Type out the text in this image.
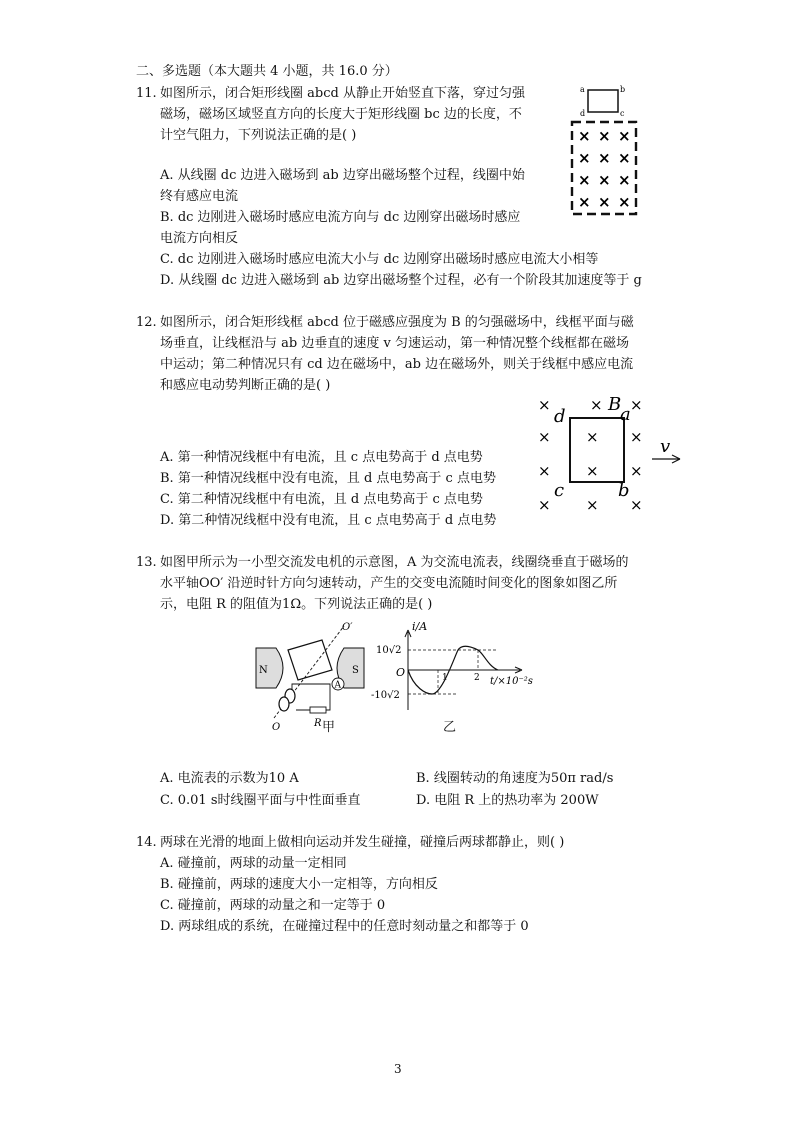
二、多选题（本大题共 4 小题，共 16.0 分）
11. 如图所示，闭合矩形线圈 abcd 从静止开始竖直下落，穿过匀强
磁场，磁场区域竖直方向的长度大于矩形线圈 bc 边的长度，不
计空气阻力，下列说法正确的是( )
A. 从线圈 dc 边进入磁场到 ab 边穿出磁场整个过程，线圈中始
终有感应电流
B. dc 边刚进入磁场时感应电流方向与 dc 边刚穿出磁场时感应
电流方向相反
C. dc 边刚进入磁场时感应电流大小与 dc 边刚穿出磁场时感应电流大小相等
D. 从线圈 dc 边进入磁场到 ab 边穿出磁场整个过程，必有一个阶段其加速度等于 g
a	b
d	c
× × ×
× × ×
× × ×
× × ×
12. 如图所示，闭合矩形线框 abcd 位于磁感应强度为 B 的匀强磁场中，线框平面与磁
场垂直，让线框沿与 ab 边垂直的速度 v 匀速运动，第一种情况整个线框都在磁场
中运动；第二种情况只有 cd 边在磁场中，ab 边在磁场外，则关于线框中感应电流
和感应电动势判断正确的是( )
A. 第一种情况线框中有电流，且 c 点电势高于 d 点电势
B. 第一种情况线框中没有电流，且 d 点电势高于 c 点电势
C. 第二种情况线框中有电流，且 d 点电势高于 c 点电势
D. 第二种情况线框中没有电流，且 c 点电势高于 d 点电势
×	× ×
× × ×
× × ×
× × ×
d
B
a
c	b
v
13. 如图甲所示为一小型交流发电机的示意图，A 为交流电流表，线圈绕垂直于磁场的
水平轴OO′ 沿逆时针方向匀速转动，产生的交变电流随时间变化的图象如图乙所
示，电阻 R 的阻值为1Ω。下列说法正确的是( )
N	S
O′
O
A
R 甲
i/A
10√2
O
-10√2
1	2 t/×10⁻²s
乙
A. 电流表的示数为10 A	B. 线圈转动的角速度为50π rad/s
C. 0.01 s时线圈平面与中性面垂直	D. 电阻 R 上的热功率为 200W
14. 两球在光滑的地面上做相向运动并发生碰撞，碰撞后两球都静止，则( )
A. 碰撞前，两球的动量一定相同
B. 碰撞前，两球的速度大小一定相等，方向相反
C. 碰撞前，两球的动量之和一定等于 0
D. 两球组成的系统，在碰撞过程中的任意时刻动量之和都等于 0
3
